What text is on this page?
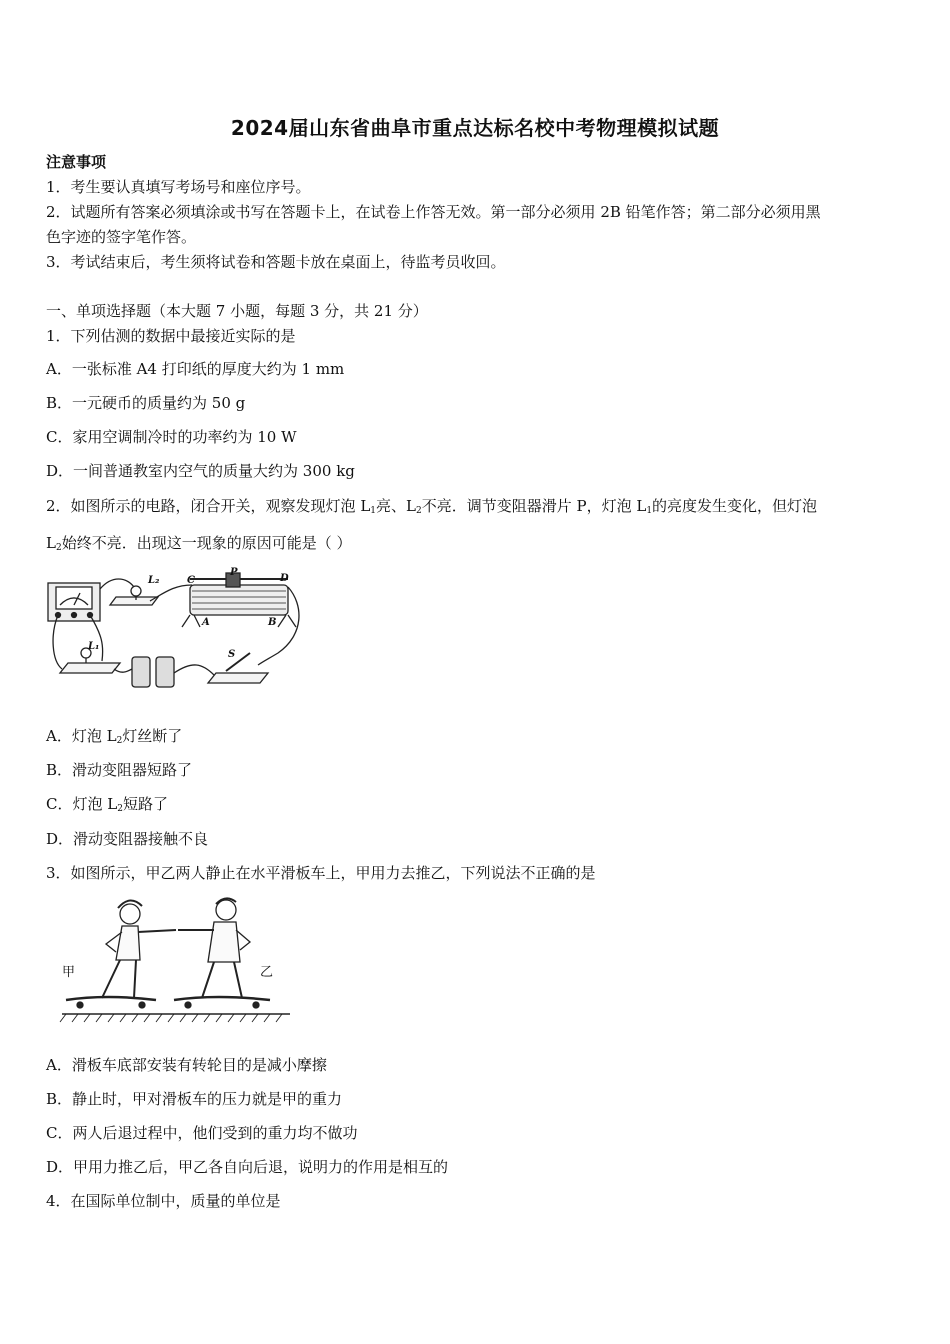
2024届山东省曲阜市重点达标名校中考物理模拟试题
注意事项
1．考生要认真填写考场号和座位序号。
2．试题所有答案必须填涂或书写在答题卡上，在试卷上作答无效。第一部分必须用 2B 铅笔作答；第二部分必须用黑
色字迹的签字笔作答。
3．考试结束后，考生须将试卷和答题卡放在桌面上，待监考员收回。
一、单项选择题（本大题 7 小题，每题 3 分，共 21 分）
1．下列估测的数据中最接近实际的是
A．一张标准 A4 打印纸的厚度大约为 1 mm
B．一元硬币的质量约为 50 g
C．家用空调制冷时的功率约为 10 W
D．一间普通教室内空气的质量大约为 300 kg
2．如图所示的电路，闭合开关，观察发现灯泡 $L_1$亮、$L_2$不亮．调节变阻器滑片 P，灯泡 $L_1$的亮度发生变化，但灯泡
$L_2$始终不亮．出现这一现象的原因可能是（ ）
L₂
L₁
C
P
D
A	B
S
A．灯泡 $L_2$灯丝断了
B．滑动变阻器短路了
C．灯泡 $L_2$短路了
D．滑动变阻器接触不良
3．如图所示，甲乙两人静止在水平滑板车上，甲用力去推乙，下列说法不正确的是
甲	乙
A．滑板车底部安装有转轮目的是减小摩擦
B．静止时，甲对滑板车的压力就是甲的重力
C．两人后退过程中，他们受到的重力均不做功
D．甲用力推乙后，甲乙各自向后退，说明力的作用是相互的
4．在国际单位制中，质量的单位是
